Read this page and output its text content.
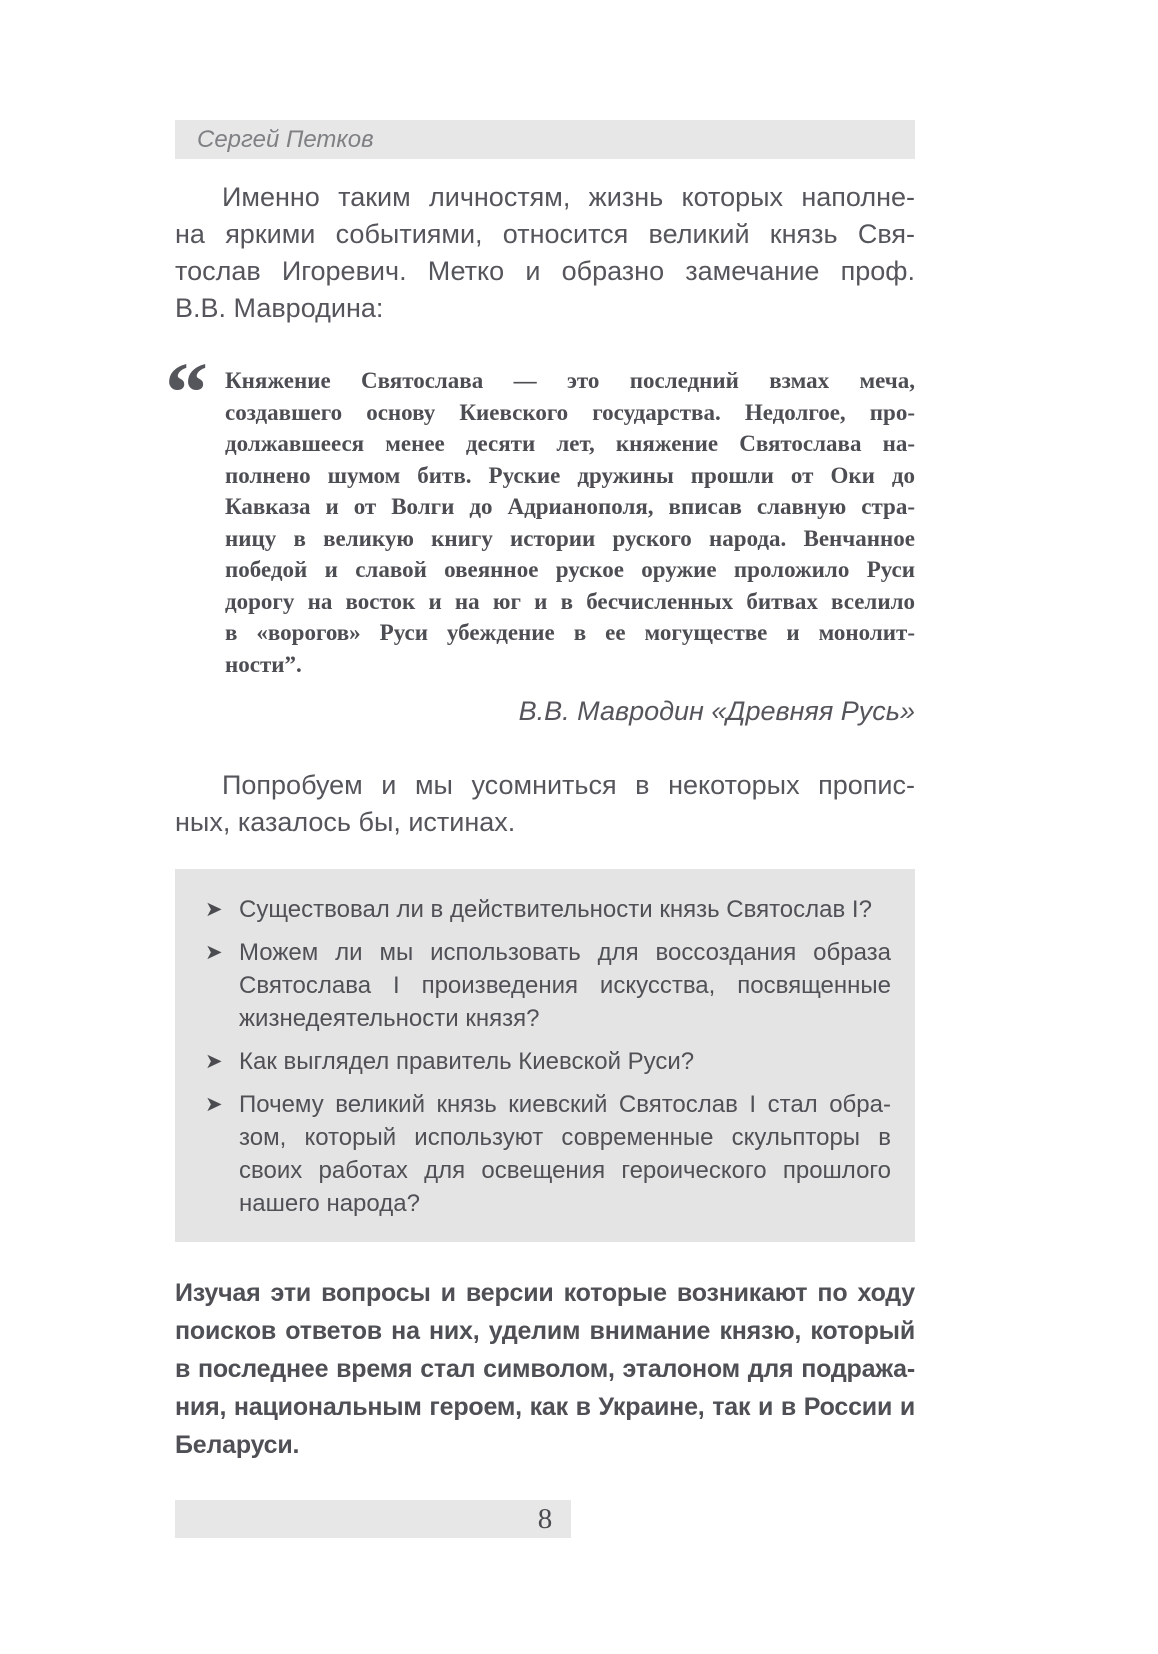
Сергей Петков
Именно таким личностям, жизнь которых наполне-
на яркими событиями, относится великий князь Свя-
тослав Игоревич. Метко и образно замечание проф.
В.В. Мавродина:
“ Княжение Святослава — это последний взмах меча,
создавшего основу Киевского государства. Недолгое, про-
должавшееся менее десяти лет, княжение Святослава на-
полнено шумом битв. Руские дружины прошли от Оки до
Кавказа и от Волги до Адрианополя, вписав славную стра-
ницу в великую книгу истории руского народа. Венчанное
победой и славой овеянное руское оружие проложило Руси
дорогу на восток и на юг и в бесчисленных битвах вселило
в «ворогов» Руси убеждение в ее могуществе и монолит-
ности”.
В.В. Мавродин «Древняя Русь»
Попробуем и мы усомниться в некоторых пропис-
ных, казалось бы, истинах.
➤ Существовал ли в действительности князь Святослав I?
➤ Можем ли мы использовать для воссоздания образа
Святослава I произведения искусства, посвященные
жизнедеятельности князя?
➤ Как выглядел правитель Киевской Руси?
➤ Почему великий князь киевский Святослав I стал обра-
зом, который используют современные скульпторы в
своих работах для освещения героического прошлого
нашего народа?
Изучая эти вопросы и версии которые возникают по ходу
поисков ответов на них, уделим внимание князю, который
в последнее время стал символом, эталоном для подража-
ния, национальным героем, как в Украине, так и в России и
Беларуси.
8
